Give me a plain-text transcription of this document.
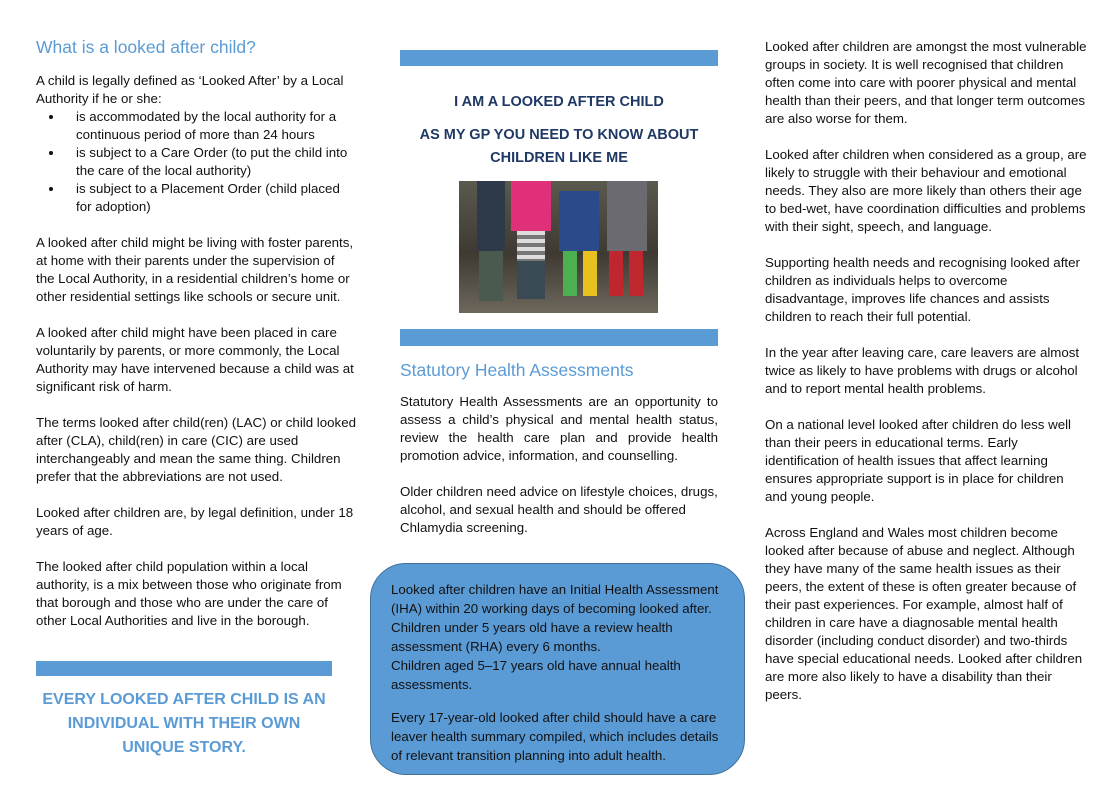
What is a looked after child?
A child is legally defined as ‘Looked After’ by a Local Authority if he or she:
• is accommodated by the local authority for a continuous period of more than 24 hours
• is subject to a Care Order (to put the child into the care of the local authority)
• is subject to a Placement Order (child placed for adoption)

A looked after child might be living with foster parents, at home with their parents under the supervision of the Local Authority, in a residential children’s home or other residential settings like schools or secure unit.

A looked after child might have been placed in care voluntarily by parents, or more commonly, the Local Authority may have intervened because a child was at significant risk of harm.

The terms looked after child(ren) (LAC) or child looked after (CLA), child(ren) in care (CIC) are used interchangeably and mean the same thing. Children prefer that the abbreviations are not used.

Looked after children are, by legal definition, under 18 years of age.

The looked after child population within a local authority, is a mix between those who originate from that borough and those who are under the care of other Local Authorities and live in the borough.

EVERY LOOKED AFTER CHILD IS AN INDIVIDUAL WITH THEIR OWN UNIQUE STORY.
I AM A LOOKED AFTER CHILD
AS MY GP YOU NEED TO KNOW ABOUT CHILDREN LIKE ME
Statutory Health Assessments

Statutory Health Assessments are an opportunity to assess a child’s physical and mental health status, review the health care plan and provide health promotion advice, information, and counselling.

Older children need advice on lifestyle choices, drugs, alcohol, and sexual health and should be offered Chlamydia screening.

Looked after children have an Initial Health Assessment (IHA) within 20 working days of becoming looked after.

Children under 5 years old have a review health assessment (RHA) every 6 months.

Children aged 5–17 years old have annual health assessments.

Every 17-year-old looked after child should have a care leaver health summary compiled, which includes details of relevant transition planning into adult health.

Looked after children are amongst the most vulnerable groups in society. It is well recognised that children often come into care with poorer physical and mental health than their peers, and that longer term outcomes are also worse for them.

Looked after children when considered as a group, are likely to struggle with their behaviour and emotional needs. They also are more likely than others their age to bed-wet, have coordination difficulties and problems with their sight, speech, and language.

Supporting health needs and recognising looked after children as individuals helps to overcome disadvantage, improves life chances and assists children to reach their full potential.

In the year after leaving care, care leavers are almost twice as likely to have problems with drugs or alcohol and to report mental health problems.

On a national level looked after children do less well than their peers in educational terms. Early identification of health issues that affect learning ensures appropriate support is in place for children and young people.

Across England and Wales most children become looked after because of abuse and neglect. Although they have many of the same health issues as their peers, the extent of these is often greater because of their past experiences. For example, almost half of children in care have a diagnosable mental health disorder (including conduct disorder) and two-thirds have special educational needs. Looked after children are more also likely to have a disability than their peers.
